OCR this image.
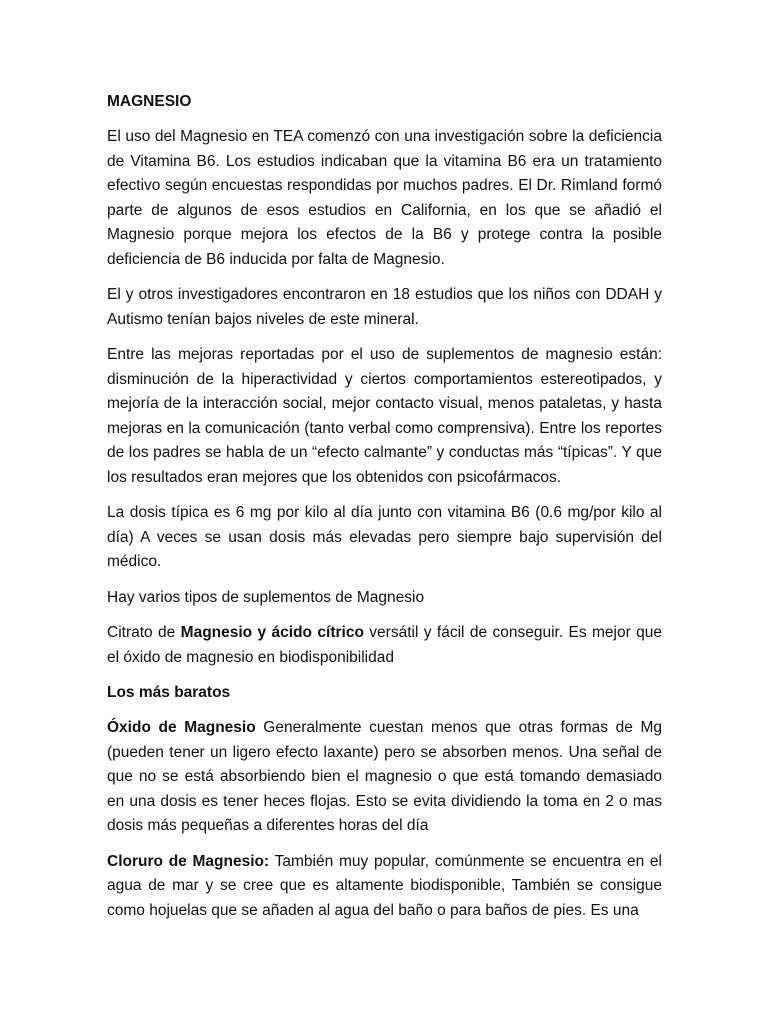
MAGNESIO

El uso del Magnesio en TEA comenzó con una investigación sobre la deficiencia de Vitamina B6. Los estudios indicaban que la vitamina B6 era un tratamiento efectivo según encuestas respondidas por muchos padres. El Dr. Rimland formó parte de algunos de esos estudios en California, en los que se añadió el Magnesio porque mejora los efectos de la B6 y protege contra la posible deficiencia de B6 inducida por falta de Magnesio.

El y otros investigadores encontraron en 18 estudios que los niños con DDAH y Autismo tenían bajos niveles de este mineral.

Entre las mejoras reportadas por el uso de suplementos de magnesio están: disminución de la hiperactividad y ciertos comportamientos estereotipados, y mejoría de la interacción social, mejor contacto visual, menos pataletas, y hasta mejoras en la comunicación (tanto verbal como comprensiva). Entre los reportes de los padres se habla de un “efecto calmante” y conductas más “típicas”. Y que los resultados eran mejores que los obtenidos con psicofármacos.

La dosis típica es 6 mg por kilo al día junto con vitamina B6 (0.6 mg/por kilo al día) A veces se usan dosis más elevadas pero siempre bajo supervisión del médico.

Hay varios tipos de suplementos de Magnesio

Citrato de Magnesio y ácido cítrico versátil y fácil de conseguir. Es mejor que el óxido de magnesio en biodisponibilidad

Los más baratos

Óxido de Magnesio Generalmente cuestan menos que otras formas de Mg (pueden tener un ligero efecto laxante) pero se absorben menos. Una señal de que no se está absorbiendo bien el magnesio o que está tomando demasiado en una dosis es tener heces flojas. Esto se evita dividiendo la toma en 2 o mas dosis más pequeñas a diferentes horas del día

Cloruro de Magnesio: También muy popular, comúnmente se encuentra en el agua de mar y se cree que es altamente biodisponible, También se consigue como hojuelas que se añaden al agua del baño o para baños de pies. Es una
